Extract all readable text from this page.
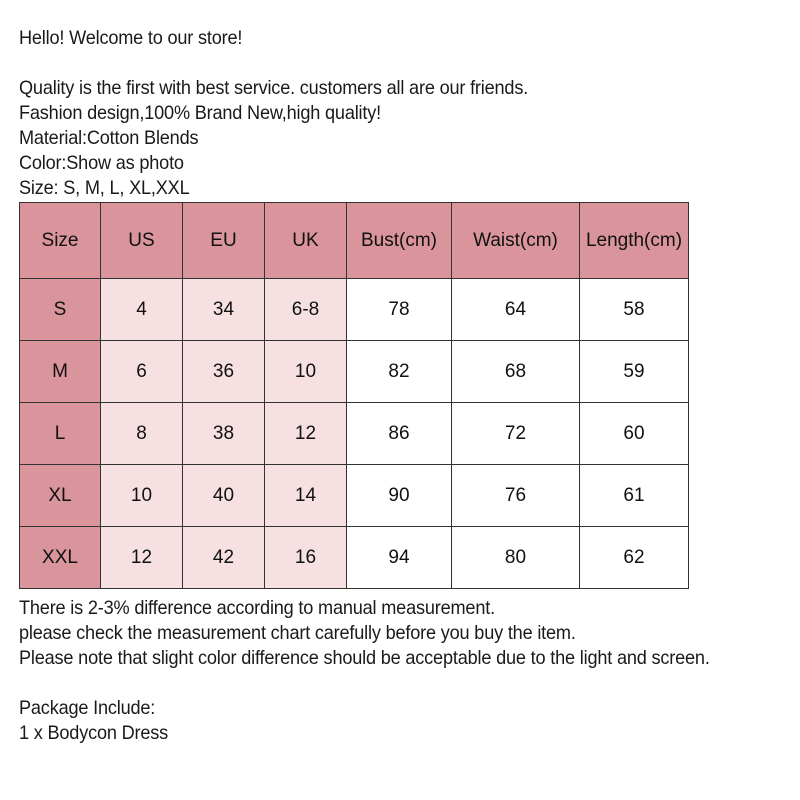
Hello! Welcome to our store!
Quality is the first with best service. customers all are our friends.
Fashion design,100% Brand New,high quality!
Material:Cotton Blends
Color:Show as photo
Size: S, M, L, XL,XXL
Size	US	EU	UK	Bust(cm)	Waist(cm)	Length(cm)
S	4	34	6-8	78	64	58
M	6	36	10	82	68	59
L	8	38	12	86	72	60
XL	10	40	14	90	76	61
XXL	12	42	16	94	80	62
There is 2-3% difference according to manual measurement.
please check the measurement chart carefully before you buy the item.
Please note that slight color difference should be acceptable due to the light and screen.
Package Include:
1 x Bodycon Dress
